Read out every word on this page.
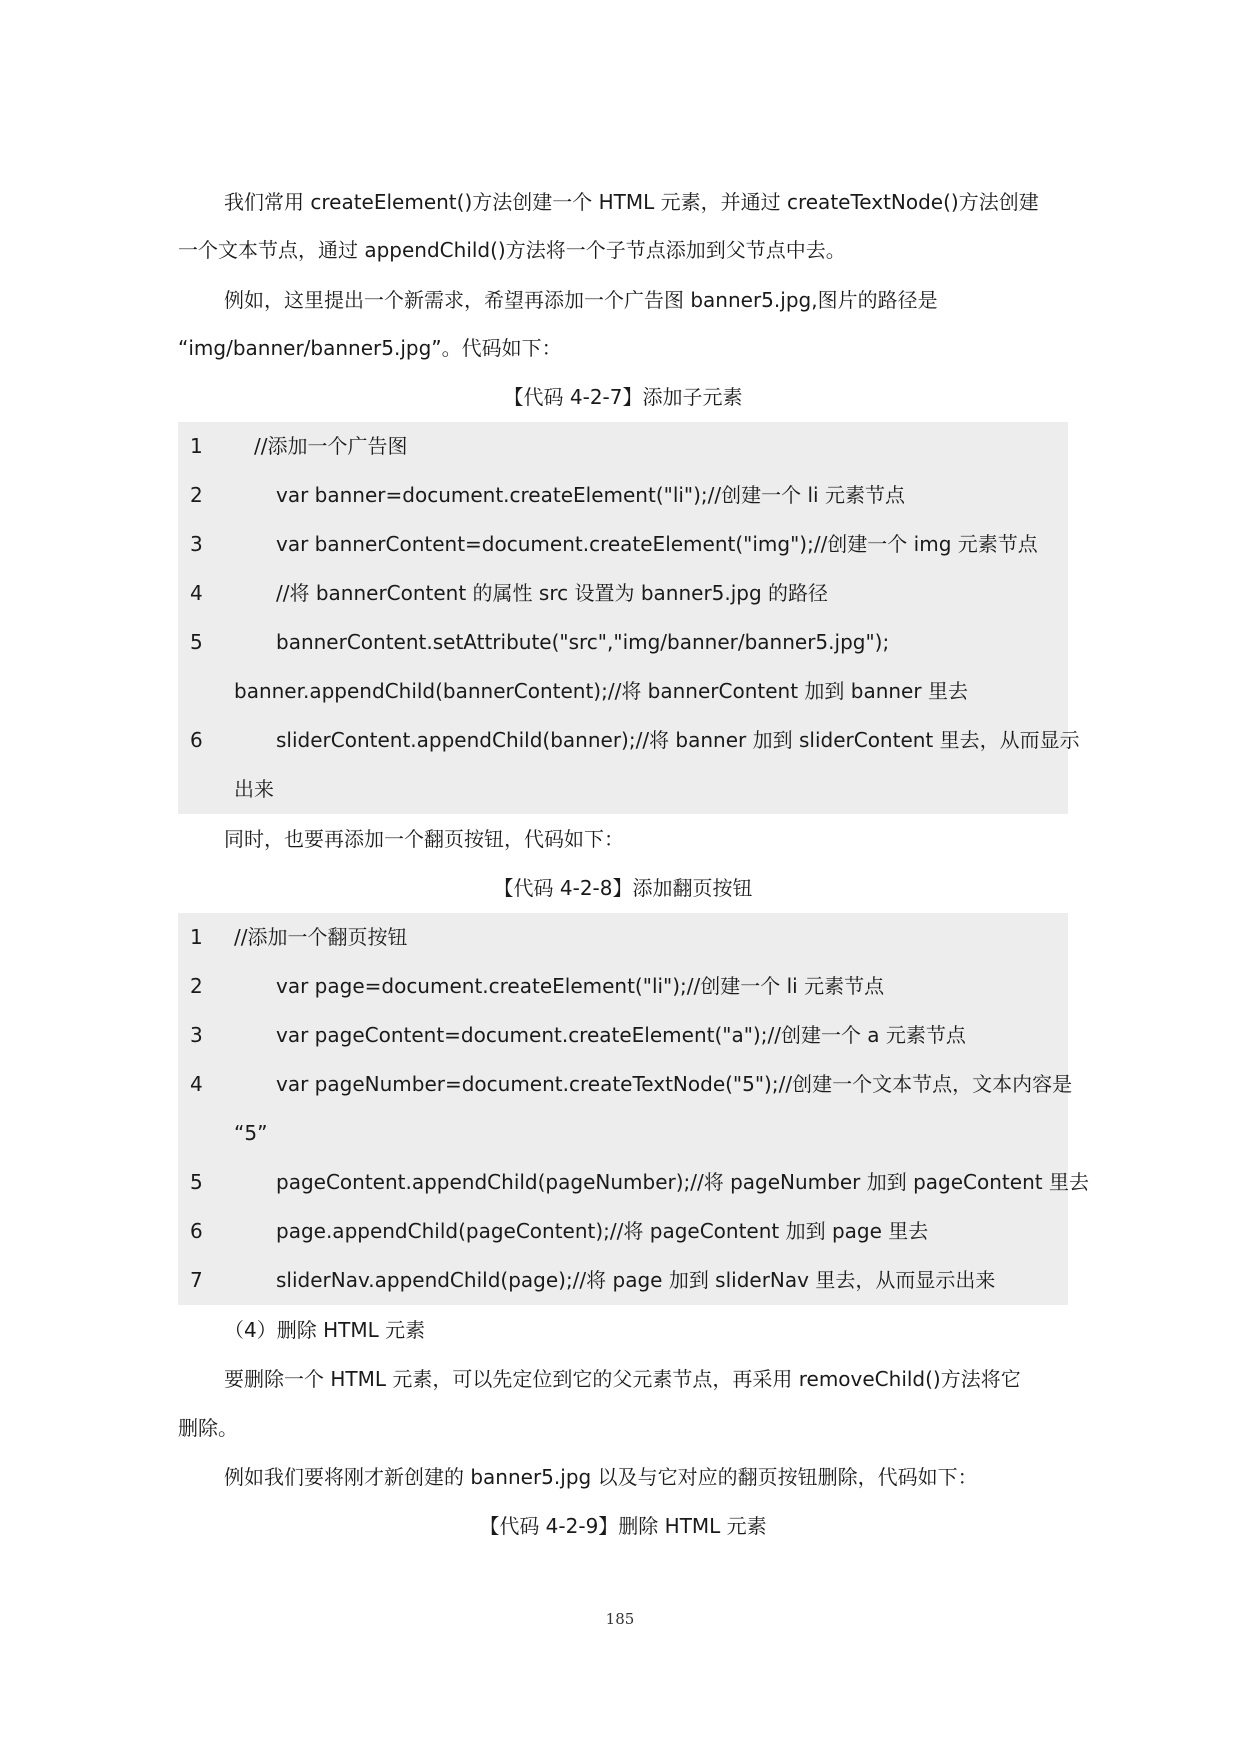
我们常用 createElement()方法创建一个 HTML 元素，并通过 createTextNode()方法创建
一个文本节点，通过 appendChild()方法将一个子节点添加到父节点中去。
例如，这里提出一个新需求，希望再添加一个广告图 banner5.jpg,图片的路径是
“img/banner/banner5.jpg”。代码如下：
【代码 4-2-7】添加子元素
1	//添加一个广告图
2	var banner=document.createElement("li");//创建一个 li 元素节点
3	var bannerContent=document.createElement("img");//创建一个 img 元素节点
4	//将 bannerContent 的属性 src 设置为 banner5.jpg 的路径
5	bannerContent.setAttribute("src","img/banner/banner5.jpg");
banner.appendChild(bannerContent);//将 bannerContent 加到 banner 里去
6	sliderContent.appendChild(banner);//将 banner 加到 sliderContent 里去，从而显示
出来
同时，也要再添加一个翻页按钮，代码如下：
【代码 4-2-8】添加翻页按钮
1 //添加一个翻页按钮
2	var page=document.createElement("li");//创建一个 li 元素节点
3	var pageContent=document.createElement("a");//创建一个 a 元素节点
4	var pageNumber=document.createTextNode("5");//创建一个文本节点，文本内容是
“5”
5	pageContent.appendChild(pageNumber);//将 pageNumber 加到 pageContent 里去
6	page.appendChild(pageContent);//将 pageContent 加到 page 里去
7	sliderNav.appendChild(page);//将 page 加到 sliderNav 里去，从而显示出来
（4）删除 HTML 元素
要删除一个 HTML 元素，可以先定位到它的父元素节点，再采用 removeChild()方法将它
删除。
例如我们要将刚才新创建的 banner5.jpg 以及与它对应的翻页按钮删除，代码如下：
【代码 4-2-9】删除 HTML 元素
185
